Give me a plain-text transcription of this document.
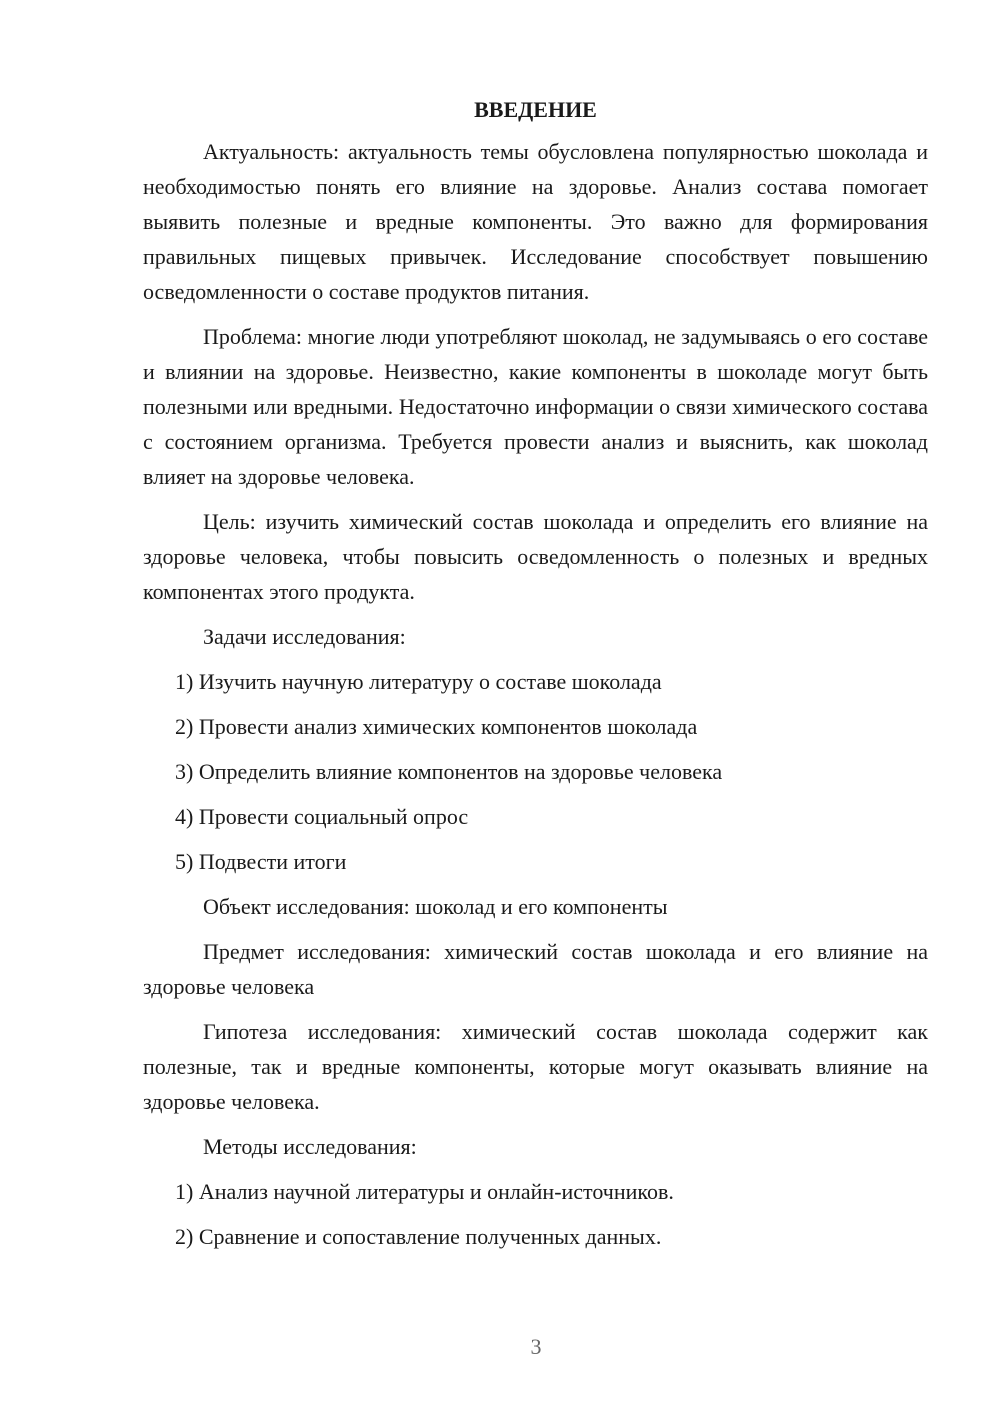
ВВЕДЕНИЕ

Актуальность: актуальность темы обусловлена популярностью шоколада и необходимостью понять его влияние на здоровье. Анализ состава помогает выявить полезные и вредные компоненты. Это важно для формирования правильных пищевых привычек. Исследование способствует повышению осведомленности о составе продуктов питания.

Проблема: многие люди употребляют шоколад, не задумываясь о его составе и влиянии на здоровье. Неизвестно, какие компоненты в шоколаде могут быть полезными или вредными. Недостаточно информации о связи химического состава с состоянием организма. Требуется провести анализ и выяснить, как шоколад влияет на здоровье человека.

Цель: изучить химический состав шоколада и определить его влияние на здоровье человека, чтобы повысить осведомленность о полезных и вредных компонентах этого продукта.

Задачи исследования:

1) Изучить научную литературу о составе шоколада

2) Провести анализ химических компонентов шоколада

3) Определить влияние компонентов на здоровье человека

4) Провести социальный опрос

5) Подвести итоги

Объект исследования: шоколад и его компоненты

Предмет исследования: химический состав шоколада и его влияние на здоровье человека

Гипотеза исследования: химический состав шоколада содержит как полезные, так и вредные компоненты, которые могут оказывать влияние на здоровье человека.

Методы исследования:

1) Анализ научной литературы и онлайн-источников.

2) Сравнение и сопоставление полученных данных.

3
